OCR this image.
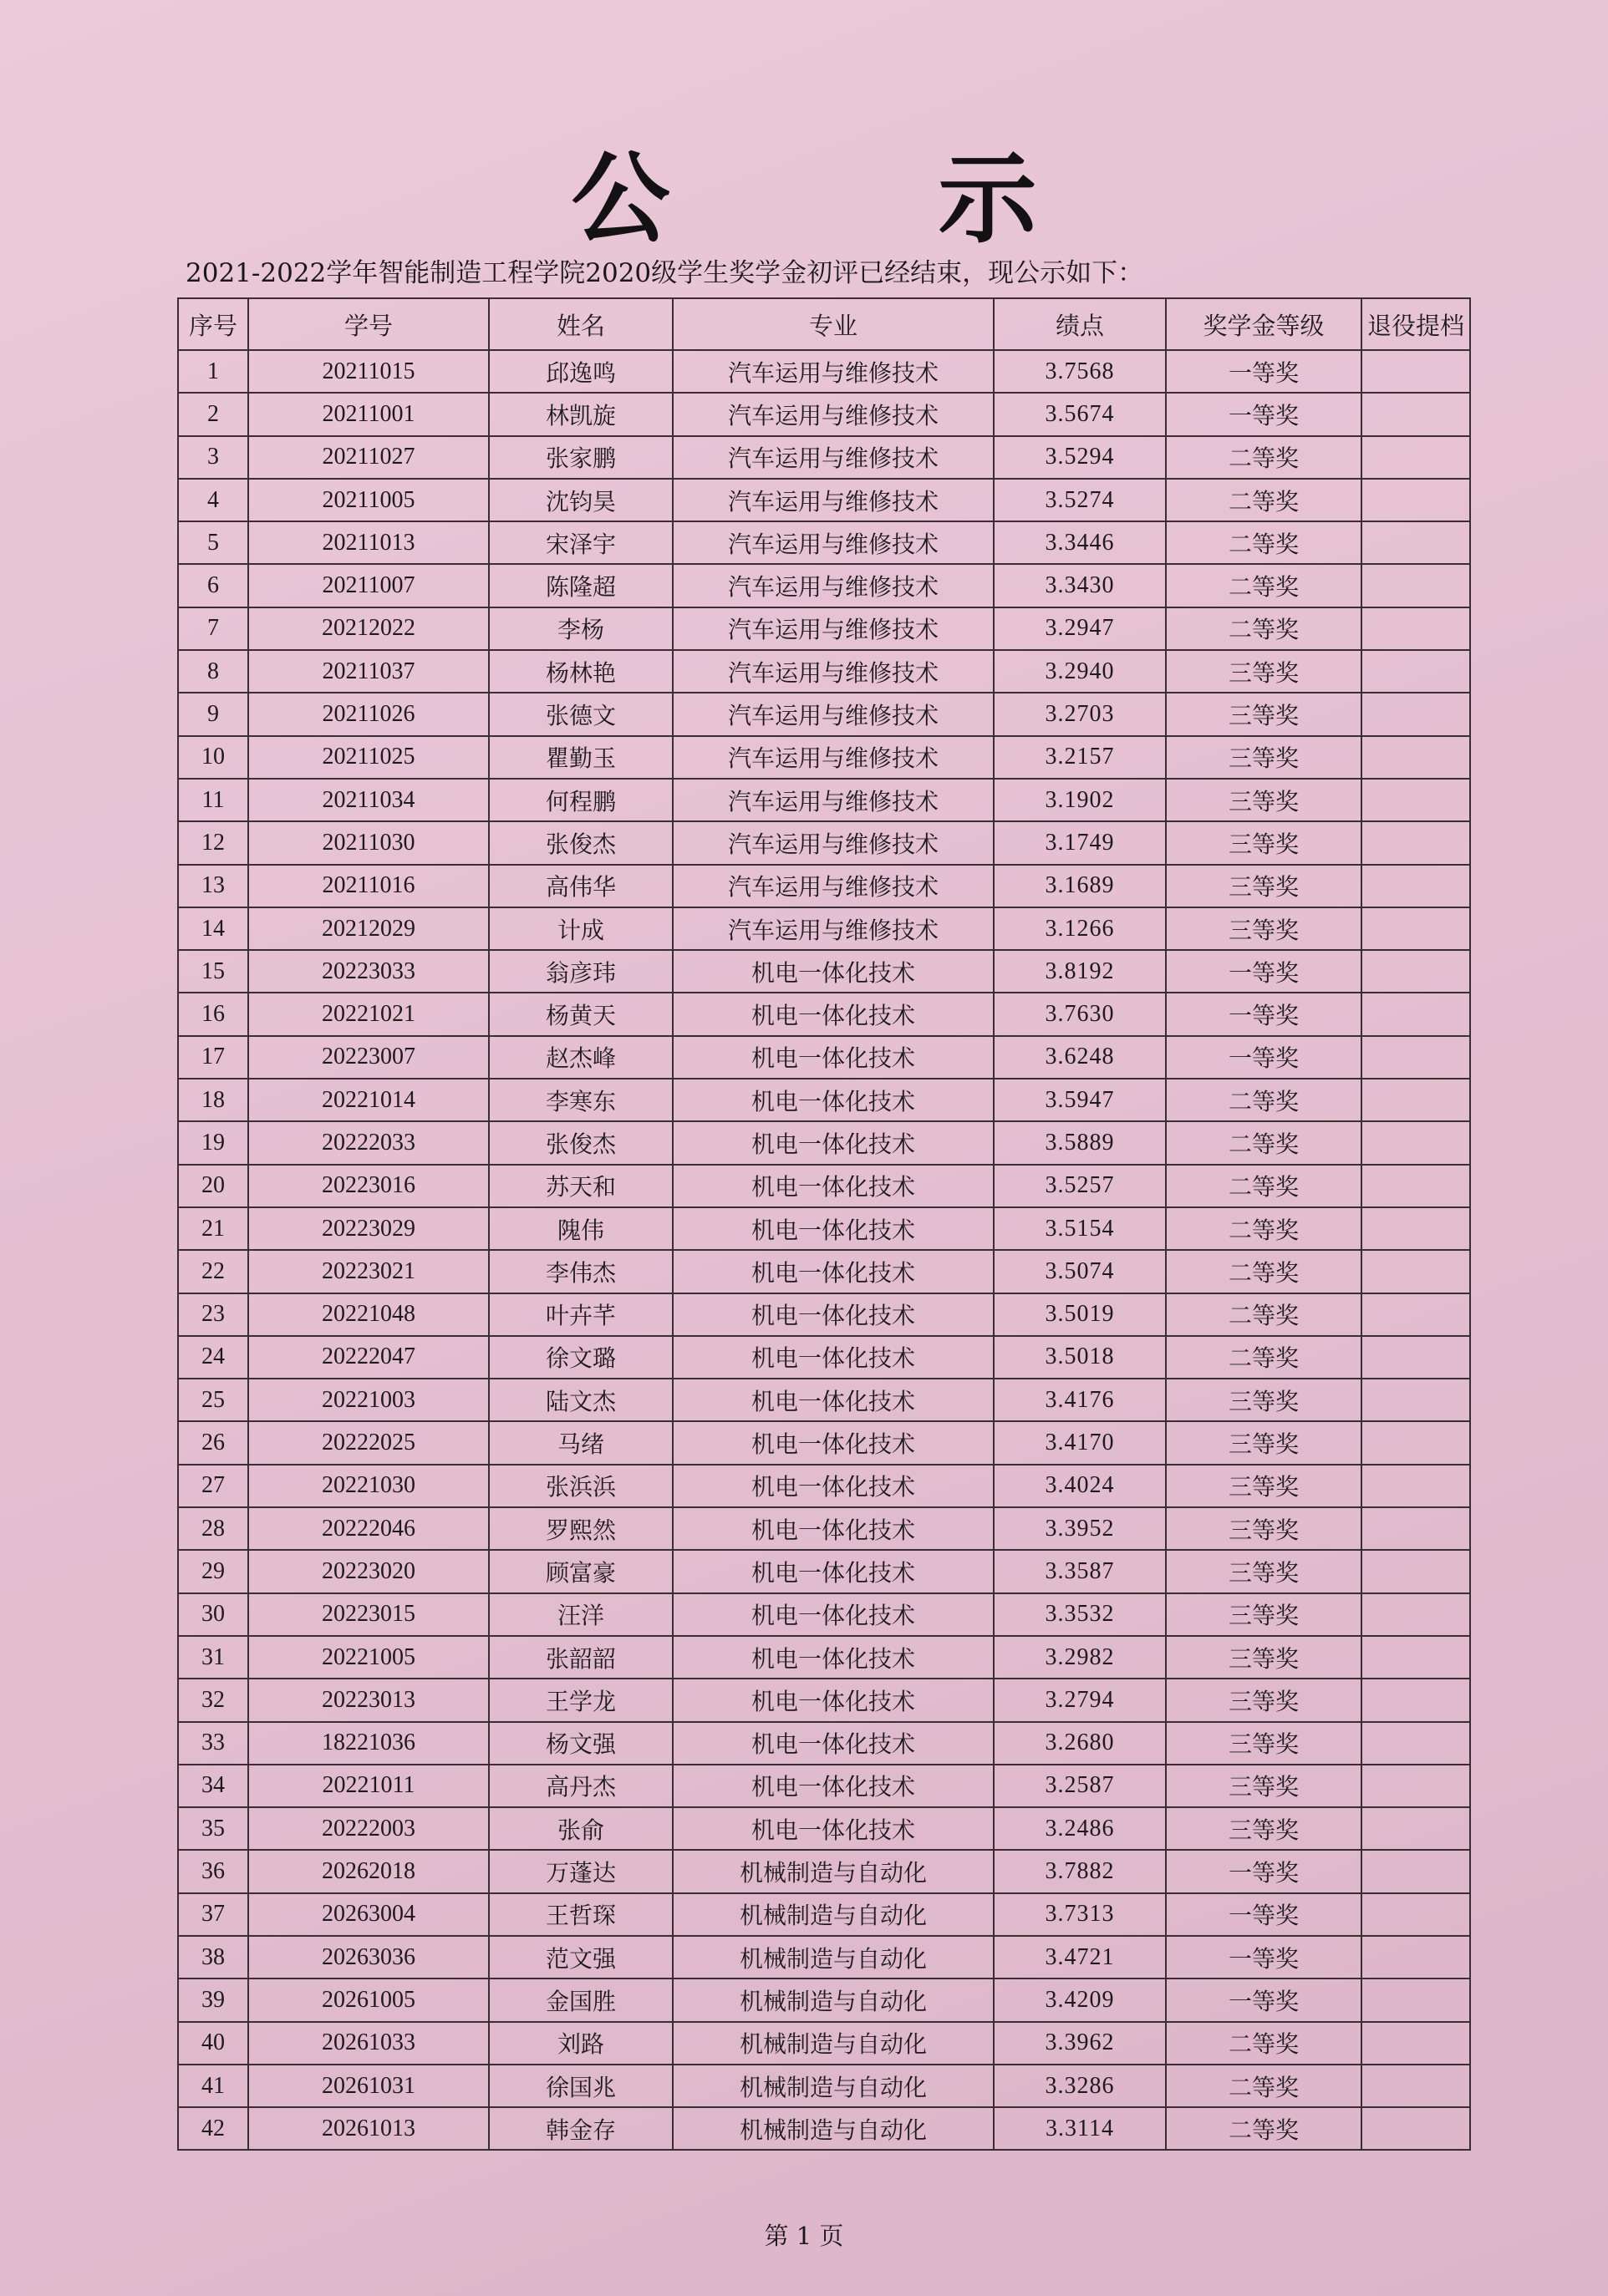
公 示
2021-2022学年智能制造工程学院2020级学生奖学金初评已经结束，现公示如下：
序号	学号	姓名	专业	绩点	奖学金等级	退役提档
1	20211015	邱逸鸣	汽车运用与维修技术	3.7568	一等奖	
2	20211001	林凯旋	汽车运用与维修技术	3.5674	一等奖	
3	20211027	张家鹏	汽车运用与维修技术	3.5294	二等奖	
4	20211005	沈钧昊	汽车运用与维修技术	3.5274	二等奖	
5	20211013	宋泽宇	汽车运用与维修技术	3.3446	二等奖	
6	20211007	陈隆超	汽车运用与维修技术	3.3430	二等奖	
7	20212022	李杨	汽车运用与维修技术	3.2947	二等奖	
8	20211037	杨林艳	汽车运用与维修技术	3.2940	三等奖	
9	20211026	张德文	汽车运用与维修技术	3.2703	三等奖	
10	20211025	瞿勤玉	汽车运用与维修技术	3.2157	三等奖	
11	20211034	何程鹏	汽车运用与维修技术	3.1902	三等奖	
12	20211030	张俊杰	汽车运用与维修技术	3.1749	三等奖	
13	20211016	高伟华	汽车运用与维修技术	3.1689	三等奖	
14	20212029	计成	汽车运用与维修技术	3.1266	三等奖	
15	20223033	翁彦玮	机电一体化技术	3.8192	一等奖	
16	20221021	杨黄天	机电一体化技术	3.7630	一等奖	
17	20223007	赵杰峰	机电一体化技术	3.6248	一等奖	
18	20221014	李寒东	机电一体化技术	3.5947	二等奖	
19	20222033	张俊杰	机电一体化技术	3.5889	二等奖	
20	20223016	苏天和	机电一体化技术	3.5257	二等奖	
21	20223029	隗伟	机电一体化技术	3.5154	二等奖	
22	20223021	李伟杰	机电一体化技术	3.5074	二等奖	
23	20221048	叶卉芊	机电一体化技术	3.5019	二等奖	
24	20222047	徐文璐	机电一体化技术	3.5018	二等奖	
25	20221003	陆文杰	机电一体化技术	3.4176	三等奖	
26	20222025	马绪	机电一体化技术	3.4170	三等奖	
27	20221030	张浜浜	机电一体化技术	3.4024	三等奖	
28	20222046	罗熙然	机电一体化技术	3.3952	三等奖	
29	20223020	顾富豪	机电一体化技术	3.3587	三等奖	
30	20223015	汪洋	机电一体化技术	3.3532	三等奖	
31	20221005	张韶韶	机电一体化技术	3.2982	三等奖	
32	20223013	王学龙	机电一体化技术	3.2794	三等奖	
33	18221036	杨文强	机电一体化技术	3.2680	三等奖	
34	20221011	高丹杰	机电一体化技术	3.2587	三等奖	
35	20222003	张俞	机电一体化技术	3.2486	三等奖	
36	20262018	万蓬达	机械制造与自动化	3.7882	一等奖	
37	20263004	王哲琛	机械制造与自动化	3.7313	一等奖	
38	20263036	范文强	机械制造与自动化	3.4721	一等奖	
39	20261005	金国胜	机械制造与自动化	3.4209	一等奖	
40	20261033	刘路	机械制造与自动化	3.3962	二等奖	
41	20261031	徐国兆	机械制造与自动化	3.3286	二等奖	
42	20261013	韩金存	机械制造与自动化	3.3114	二等奖	
第 1 页
